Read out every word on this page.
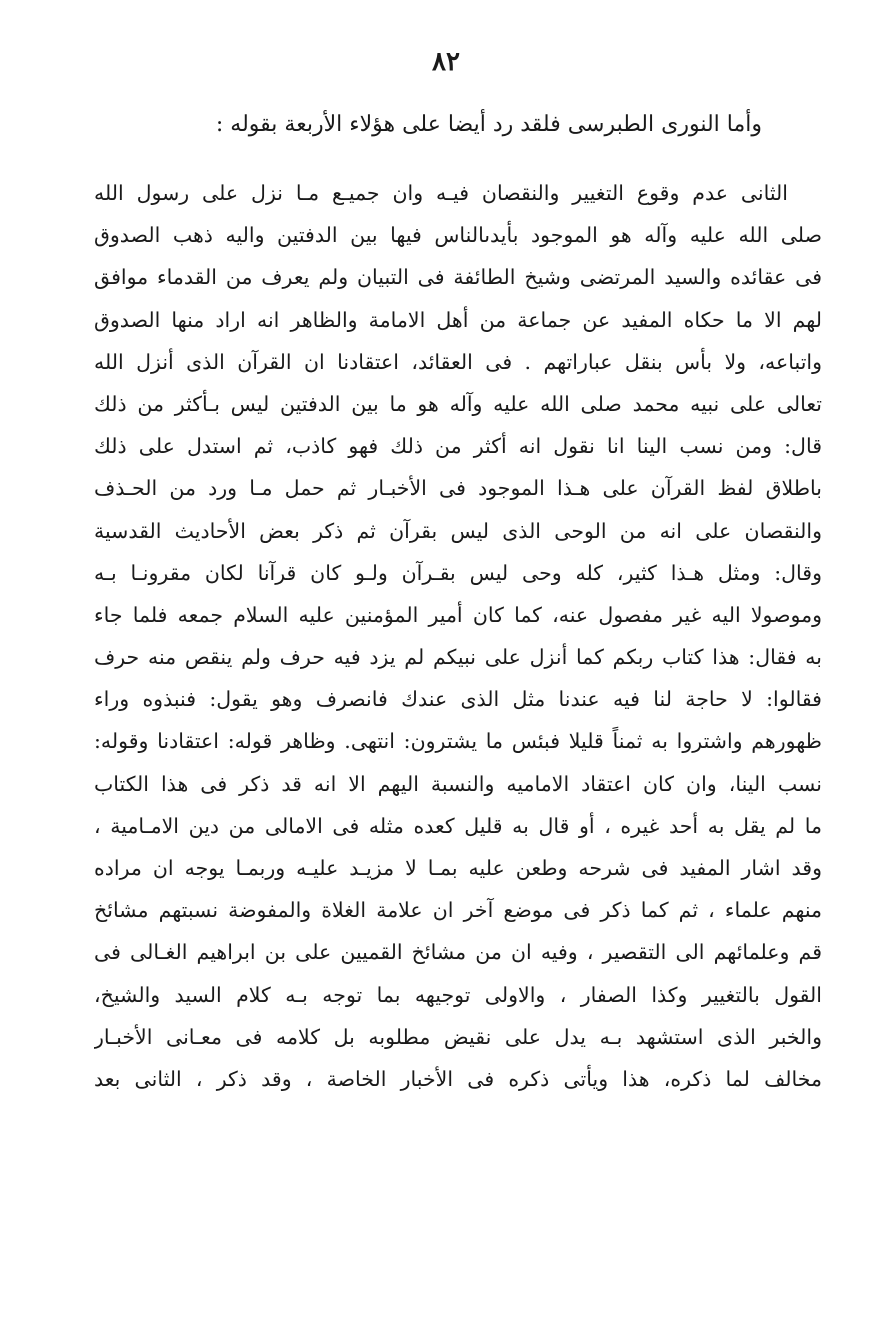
٨٢
وأما النورى الطبرسى فلقد رد أيضا على هؤلاء الأربعة بقوله :
الثانى عدم وقوع التغيير والنقصان فيـه وان جميـع مـا نزل على رسول الله
صلى الله عليه وآله هو الموجود بأيدىالناس فيها بين الدفتين واليه ذهب الصدوق
فى عقائده والسيد المرتضى وشيخ الطائفة فى التبيان ولم يعرف من القدماء موافق
لهم الا ما حكاه المفيد عن جماعة من أهل الامامة والظاهر انه اراد منها الصدوق
واتباعه، ولا بأس بنقل عباراتهم . فى العقائد، اعتقادنا ان القرآن الذى أنزل الله
تعالى على نبيه محمد صلى الله عليه وآله هو ما بين الدفتين ليس بـأكثر من ذلك
قال: ومن نسب الينا انا نقول انه أكثر من ذلك فهو كاذب، ثم استدل على ذلك
باطلاق لفظ القرآن على هـذا الموجود فى الأخبـار ثم حمل مـا ورد من الحـذف
والنقصان على انه من الوحى الذى ليس بقرآن ثم ذكر بعض الأحاديث القدسية
وقال: ومثل هـذا كثير، كله وحى ليس بقـرآن ولـو كان قرآنا لكان مقرونـا بـه
وموصولا اليه غير مفصول عنه، كما كان أمير المؤمنين عليه السلام جمعه فلما جاء
به فقال: هذا كتاب ربكم كما أنزل على نبيكم لم يزد فيه حرف ولم ينقص منه حرف
فقالوا: لا حاجة لنا فيه عندنا مثل الذى عندك فانصرف وهو يقول: فنبذوه وراء
ظهورهم واشتروا به ثمناً قليلا فبئس ما يشترون: انتهى. وظاهر قوله: اعتقادنا وقوله:
نسب الينا، وان كان اعتقاد الاماميه والنسبة اليهم الا انه قد ذكر فى هذا الكتاب
ما لم يقل به أحد غيره ، أو قال به قليل كعده مثله فى الامالى من دين الامـامية ،
وقد اشار المفيد فى شرحه وطعن عليه بمـا لا مزيـد عليـه وربمـا يوجه ان مراده
منهم علماء ، ثم كما ذكر فى موضع آخر ان علامة الغلاة والمفوضة نسبتهم مشائخ
قم وعلمائهم الى التقصير ، وفيه ان من مشائخ القميين على بن ابراهيم الغـالى فى
القول بالتغيير وكذا الصفار ، والاولى توجيهه بما توجه بـه كلام السيد والشيخ،
والخبر الذى استشهد بـه يدل على نقيض مطلوبه بل كلامه فى معـانى الأخبـار
مخالف لما ذكره، هذا ويأتى ذكره فى الأخبار الخاصة ، وقد ذكر ، الثانى بعد
